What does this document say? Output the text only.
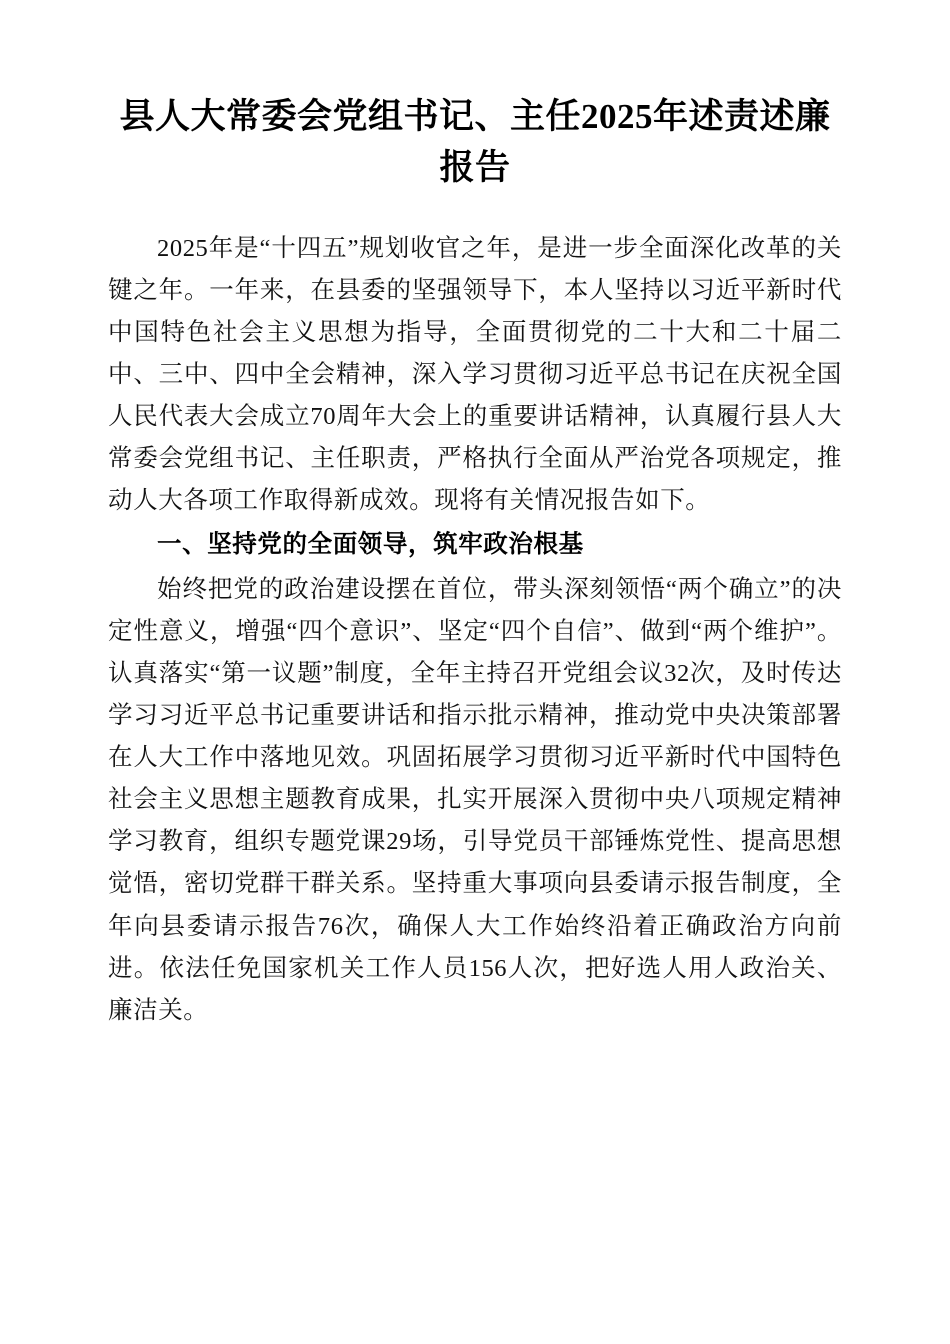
县人大常委会党组书记、主任2025年述责述廉报告

2025年是“十四五”规划收官之年，是进一步全面深化改革的关键之年。一年来，在县委的坚强领导下，本人坚持以习近平新时代中国特色社会主义思想为指导，全面贯彻党的二十大和二十届二中、三中、四中全会精神，深入学习贯彻习近平总书记在庆祝全国人民代表大会成立70周年大会上的重要讲话精神，认真履行县人大常委会党组书记、主任职责，严格执行全面从严治党各项规定，推动人大各项工作取得新成效。现将有关情况报告如下。

一、坚持党的全面领导，筑牢政治根基

始终把党的政治建设摆在首位，带头深刻领悟“两个确立”的决定性意义，增强“四个意识”、坚定“四个自信”、做到“两个维护”。认真落实“第一议题”制度，全年主持召开党组会议32次，及时传达学习习近平总书记重要讲话和指示批示精神，推动党中央决策部署在人大工作中落地见效。巩固拓展学习贯彻习近平新时代中国特色社会主义思想主题教育成果，扎实开展深入贯彻中央八项规定精神学习教育，组织专题党课29场，引导党员干部锤炼党性、提高思想觉悟，密切党群干群关系。坚持重大事项向县委请示报告制度，全年向县委请示报告76次，确保人大工作始终沿着正确政治方向前进。依法任免国家机关工作人员156人次，把好选人用人政治关、廉洁关。
